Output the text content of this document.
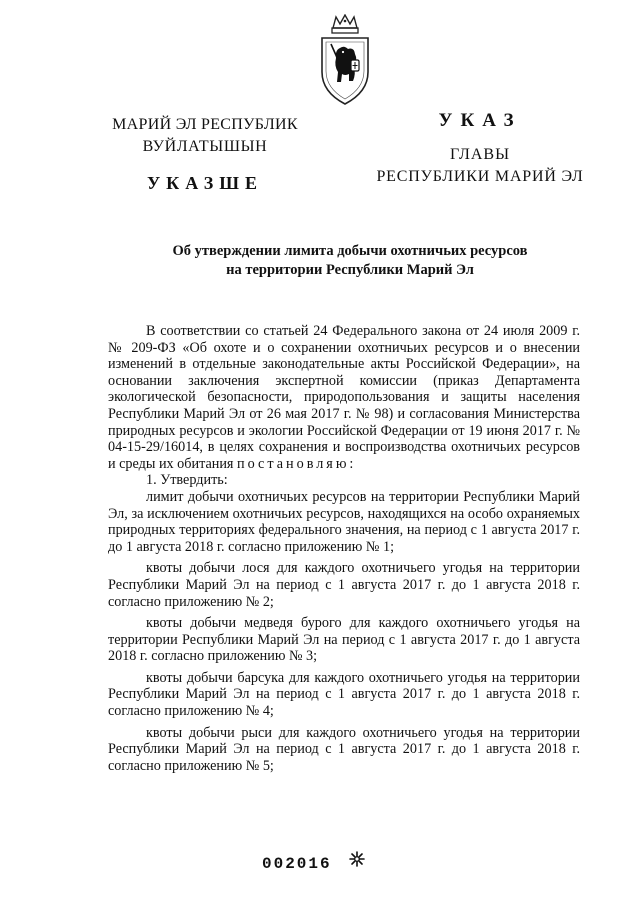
МАРИЙ ЭЛ РЕСПУБЛИК
ВУЙЛАТЫШЫН
УКАЗШЕ
УКАЗ
ГЛАВЫ
РЕСПУБЛИКИ МАРИЙ ЭЛ
Об утверждении лимита добычи охотничьих ресурсов
на территории Республики Марий Эл

В соответствии со статьей 24 Федерального закона от 24 июля 2009 г. № 209-ФЗ «Об охоте и о сохранении охотничьих ресурсов и о внесении изменений в отдельные законодательные акты Российской Федерации», на основании заключения экспертной комиссии (приказ Департамента экологической безопасности, природопользования и защиты населения Республики Марий Эл от 26 мая 2017 г. № 98) и согласования Министерства природных ресурсов и экологии Российской Федерации от 19 июня 2017 г. № 04-15-29/16014, в целях сохранения и воспроизводства охотничьих ресурсов и среды их обитания постановляю:

1. Утвердить:

лимит добычи охотничьих ресурсов на территории Республики Марий Эл, за исключением охотничьих ресурсов, находящихся на особо охраняемых природных территориях федерального значения, на период с 1 августа 2017 г. до 1 августа 2018 г. согласно приложению № 1;

квоты добычи лося для каждого охотничьего угодья на территории Республики Марий Эл на период с 1 августа 2017 г. до 1 августа 2018 г. согласно приложению № 2;

квоты добычи медведя бурого для каждого охотничьего угодья на территории Республики Марий Эл на период с 1 августа 2017 г. до 1 августа 2018 г. согласно приложению № 3;

квоты добычи барсука для каждого охотничьего угодья на территории Республики Марий Эл на период с 1 августа 2017 г. до 1 августа 2018 г. согласно приложению № 4;

квоты добычи рыси для каждого охотничьего угодья на территории Республики Марий Эл на период с 1 августа 2017 г. до 1 августа 2018 г. согласно приложению № 5;

002016
